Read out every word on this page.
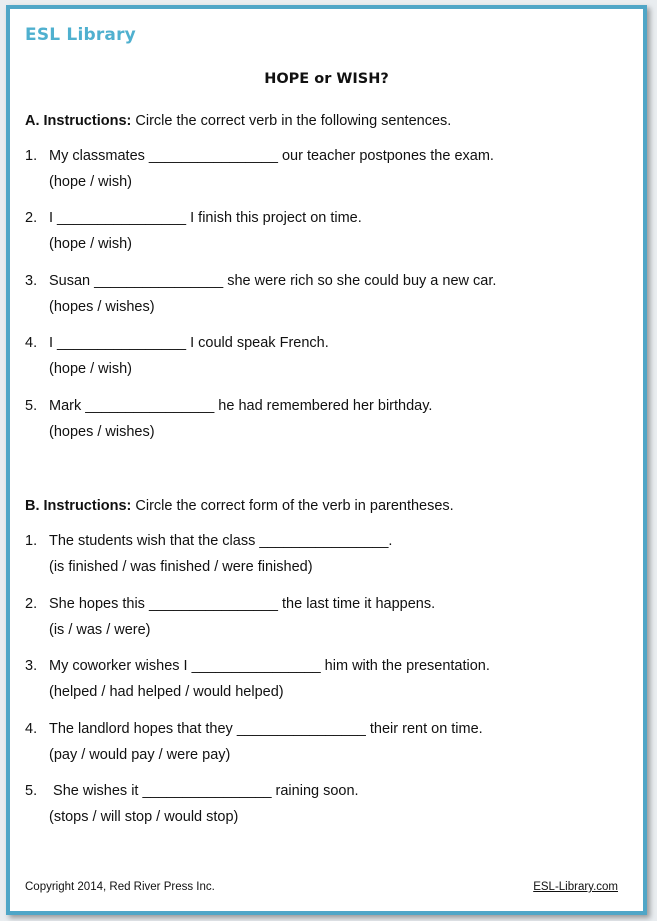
ESL Library
HOPE or WISH?
A. Instructions: Circle the correct verb in the following sentences.
1. My classmates ________________ our teacher postpones the exam.
(hope / wish)
2. I ________________ I finish this project on time.
(hope / wish)
3. Susan ________________ she were rich so she could buy a new car.
(hopes / wishes)
4. I ________________ I could speak French.
(hope / wish)
5. Mark ________________ he had remembered her birthday.
(hopes / wishes)
B. Instructions: Circle the correct form of the verb in parentheses.
1. The students wish that the class ________________.
(is finished / was finished / were finished)
2. She hopes this ________________ the last time it happens.
(is / was / were)
3. My coworker wishes I ________________ him with the presentation.
(helped / had helped / would helped)
4. The landlord hopes that they ________________ their rent on time.
(pay / would pay / were pay)
5. She wishes it ________________ raining soon.
(stops / will stop / would stop)
Copyright 2014, Red River Press Inc.	ESL-Library.com
